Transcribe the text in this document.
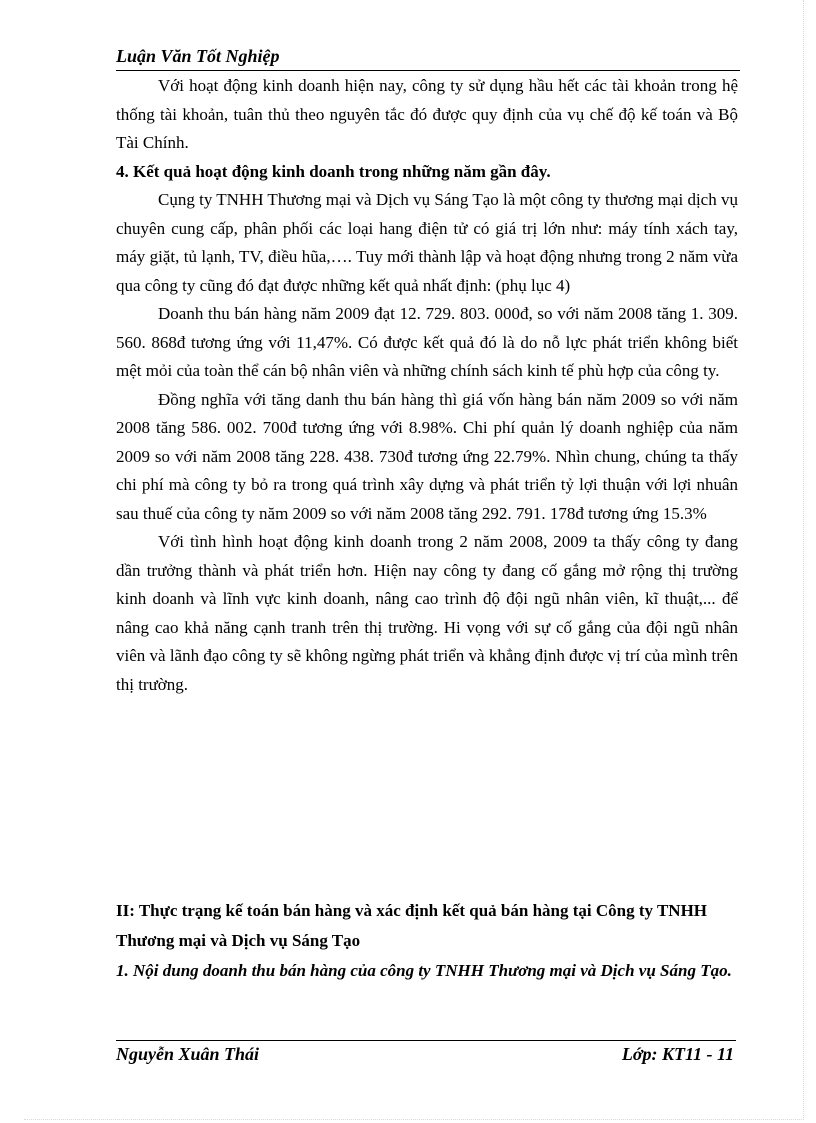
Luận Văn Tốt Nghiệp

Với hoạt động kinh doanh hiện nay, công ty sử dụng hầu hết các tài khoản trong hệ thống tài khoản, tuân thủ theo nguyên tắc đó được quy định của vụ chế độ kế toán và Bộ Tài Chính.

4. Kết quả hoạt động kinh doanh trong những năm gần đây.

Cụng ty TNHH Thương mại và Dịch vụ Sáng Tạo là một công ty thương mại dịch vụ chuyên cung cấp, phân phối các loại hang điện tử có giá trị lớn như: máy tính xách tay, máy giặt, tủ lạnh, TV, điều hũa,…. Tuy mới thành lập và hoạt động nhưng trong 2 năm vừa qua công ty cũng đó đạt được những kết quả nhất định: (phụ lục 4)

Doanh thu bán hàng năm 2009 đạt 12. 729. 803. 000đ, so với năm 2008 tăng 1. 309. 560. 868đ tương ứng với 11,47%. Có được kết quả đó là do nỗ lực phát triển không biết mệt mỏi của toàn thể cán bộ nhân viên và những chính sách kinh tế phù hợp của công ty.

Đồng nghĩa với tăng danh thu bán hàng thì giá vốn hàng bán năm 2009 so với năm 2008 tăng 586. 002. 700đ tương ứng với 8.98%. Chi phí quản lý doanh nghiệp của năm 2009 so với năm 2008 tăng 228. 438. 730đ tương ứng 22.79%. Nhìn chung, chúng ta thấy chi phí mà công ty bỏ ra trong quá trình xây dựng và phát triển tỷ lợi thuận với lợi nhuân sau thuế của công ty năm 2009 so với năm 2008 tăng 292. 791. 178đ tương ứng 15.3%

Với tình hình hoạt động kinh doanh trong 2 năm 2008, 2009 ta thấy công ty đang dần trưởng thành và phát triển hơn. Hiện nay công ty đang cố gắng mở rộng thị trường kinh doanh và lĩnh vực kinh doanh, nâng cao trình độ đội ngũ nhân viên, kĩ thuật,... để nâng cao khả năng cạnh tranh trên thị trường. Hi vọng với sự cố gắng của đội ngũ nhân viên và lãnh đạo công ty sẽ không ngừng phát triển và khẳng định được vị trí của mình trên thị trường.

II: Thực trạng kế toán bán hàng và xác định kết quả bán hàng tại Công ty TNHH Thương mại và Dịch vụ Sáng Tạo

1. Nội dung doanh thu bán hàng của công ty TNHH Thương mại và Dịch vụ Sáng Tạo.

Nguyễn Xuân Thái	Lớp: KT11 - 11
